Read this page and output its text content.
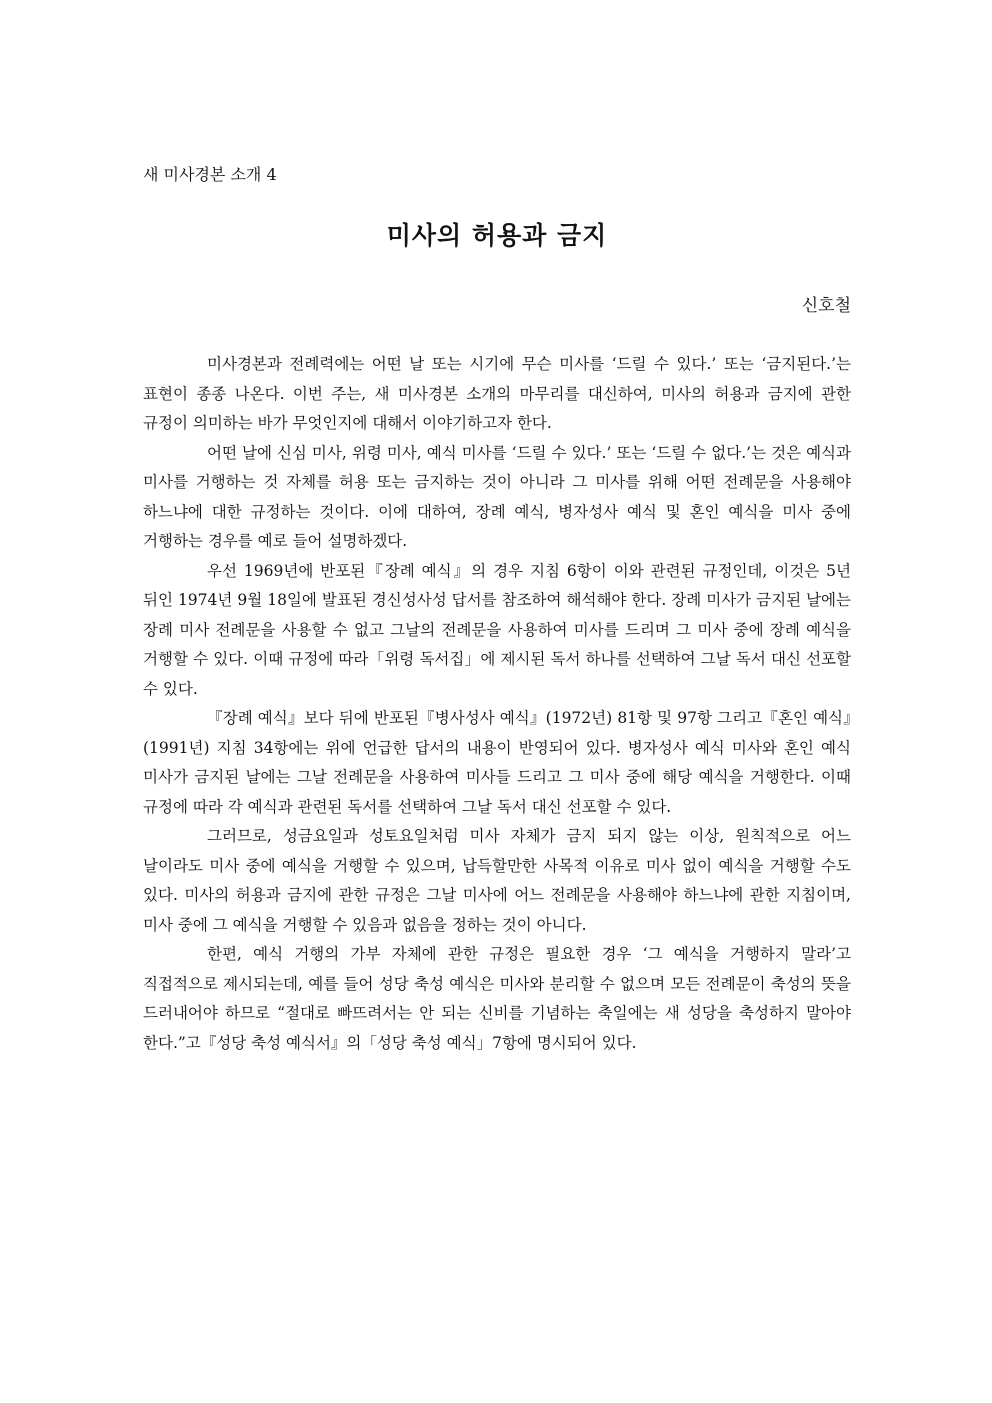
새 미사경본 소개 4
미사의 허용과 금지
신호철

미사경본과 전례력에는 어떤 날 또는 시기에 무슨 미사를 ‘드릴 수 있다.’ 또는 ‘금지된다.’는 표현이 종종 나온다. 이번 주는, 새 미사경본 소개의 마무리를 대신하여, 미사의 허용과 금지에 관한 규정이 의미하는 바가 무엇인지에 대해서 이야기하고자 한다.

어떤 날에 신심 미사, 위령 미사, 예식 미사를 ‘드릴 수 있다.’ 또는 ‘드릴 수 없다.’는 것은 예식과 미사를 거행하는 것 자체를 허용 또는 금지하는 것이 아니라 그 미사를 위해 어떤 전례문을 사용해야 하느냐에 대한 규정하는 것이다. 이에 대하여, 장례 예식, 병자성사 예식 및 혼인 예식을 미사 중에 거행하는 경우를 예로 들어 설명하겠다.

우선 1969년에 반포된『장례 예식』의 경우 지침 6항이 이와 관련된 규정인데, 이것은 5년 뒤인 1974년 9월 18일에 발표된 경신성사성 답서를 참조하여 해석해야 한다. 장례 미사가 금지된 날에는 장례 미사 전례문을 사용할 수 없고 그날의 전례문을 사용하여 미사를 드리며 그 미사 중에 장례 예식을 거행할 수 있다. 이때 규정에 따라「위령 독서집」에 제시된 독서 하나를 선택하여 그날 독서 대신 선포할 수 있다.

『장례 예식』보다 뒤에 반포된『병사성사 예식』(1972년) 81항 및 97항 그리고『혼인 예식』(1991년) 지침 34항에는 위에 언급한 답서의 내용이 반영되어 있다. 병자성사 예식 미사와 혼인 예식 미사가 금지된 날에는 그날 전례문을 사용하여 미사들 드리고 그 미사 중에 해당 예식을 거행한다. 이때 규정에 따라 각 예식과 관련된 독서를 선택하여 그날 독서 대신 선포할 수 있다.

그러므로, 성금요일과 성토요일처럼 미사 자체가 금지 되지 않는 이상, 원칙적으로 어느 날이라도 미사 중에 예식을 거행할 수 있으며, 납득할만한 사목적 이유로 미사 없이 예식을 거행할 수도 있다. 미사의 허용과 금지에 관한 규정은 그날 미사에 어느 전례문을 사용해야 하느냐에 관한 지침이며, 미사 중에 그 예식을 거행할 수 있음과 없음을 정하는 것이 아니다.

한편, 예식 거행의 가부 자체에 관한 규정은 필요한 경우 ‘그 예식을 거행하지 말라’고 직접적으로 제시되는데, 예를 들어 성당 축성 예식은 미사와 분리할 수 없으며 모든 전례문이 축성의 뜻을 드러내어야 하므로 “절대로 빠뜨려서는 안 되는 신비를 기념하는 축일에는 새 성당을 축성하지 말아야 한다.”고『성당 축성 예식서』의「성당 축성 예식」7항에 명시되어 있다.
